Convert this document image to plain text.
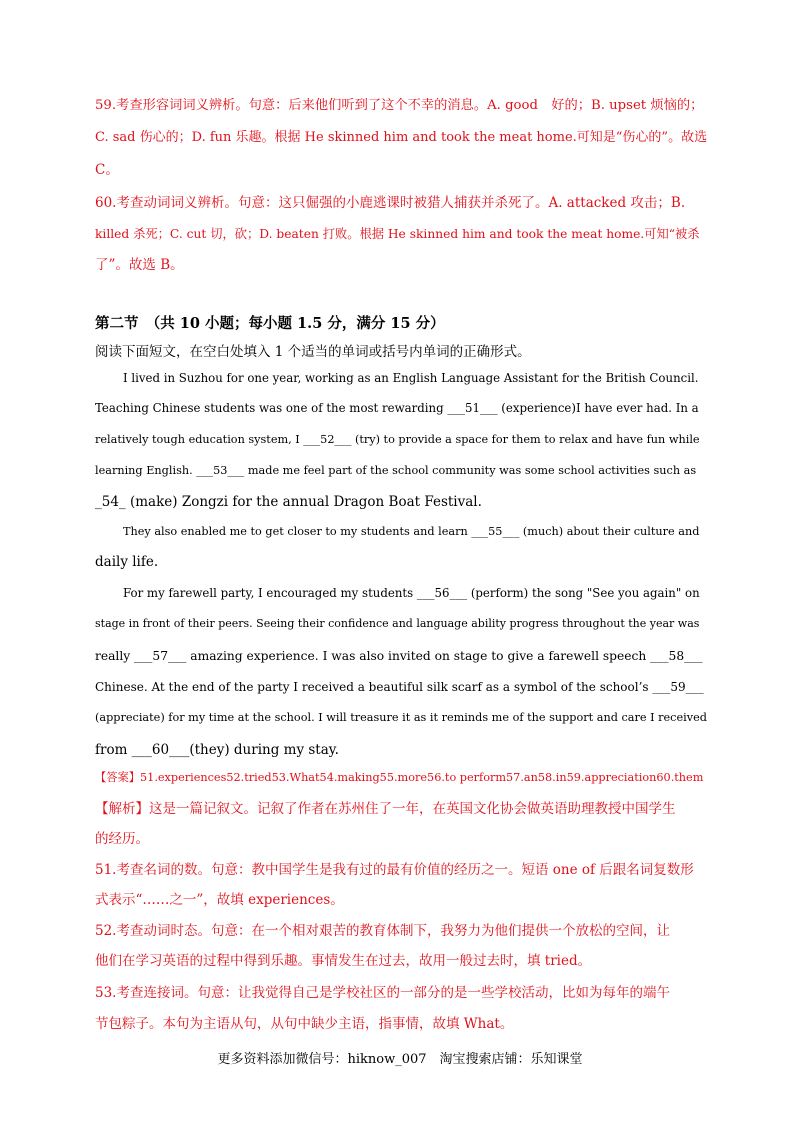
59.考查形容词词义辨析。句意：后来他们听到了这个不幸的消息。A. good　好的；B. upset 烦恼的；
C. sad 伤心的；D. fun 乐趣。根据 He skinned him and took the meat home.可知是“伤心的”。故选
C。
60.考查动词词义辨析。句意：这只倔强的小鹿逃课时被猎人捕获并杀死了。A. attacked 攻击；B.
killed 杀死；C. cut 切，砍；D. beaten 打败。根据 He skinned him and took the meat home.可知“被杀
了”。故选 B。
第二节　（共 10 小题；每小题 1.5 分，满分 15 分）
阅读下面短文，在空白处填入 1 个适当的单词或括号内单词的正确形式。
I lived in Suzhou for one year, working as an English Language Assistant for the British Council.
Teaching Chinese students was one of the most rewarding ___51___ (experience)I have ever had. In a
relatively tough education system, I ___52___ (try) to provide a space for them to relax and have fun while
learning English. ___53___ made me feel part of the school community was some school activities such as
_54_ (make) Zongzi for the annual Dragon Boat Festival.
They also enabled me to get closer to my students and learn ___55___ (much) about their culture and
daily life.
For my farewell party, I encouraged my students ___56___ (perform) the song "See you again" on
stage in front of their peers. Seeing their confidence and language ability progress throughout the year was
really ___57___ amazing experience. I was also invited on stage to give a farewell speech ___58___
Chinese. At the end of the party I received a beautiful silk scarf as a symbol of the school’s ___59___
(appreciate) for my time at the school. I will treasure it as it reminds me of the support and care I received
from ___60___(they) during my stay.
【答案】51.experiences52.tried53.What54.making55.more56.to perform57.an58.in59.appreciation60.them
【解析】这是一篇记叙文。记叙了作者在苏州住了一年，在英国文化协会做英语助理教授中国学生
的经历。
51.考查名词的数。句意：教中国学生是我有过的最有价值的经历之一。短语 one of 后跟名词复数形
式表示“……之一”，故填 experiences。
52.考查动词时态。句意：在一个相对艰苦的教育体制下，我努力为他们提供一个放松的空间，让
他们在学习英语的过程中得到乐趣。事情发生在过去，故用一般过去时，填 tried。
53.考查连接词。句意：让我觉得自己是学校社区的一部分的是一些学校活动，比如为每年的端午
节包粽子。本句为主语从句，从句中缺少主语，指事情，故填 What。
更多资料添加微信号：hiknow_007　淘宝搜索店铺：乐知课堂
